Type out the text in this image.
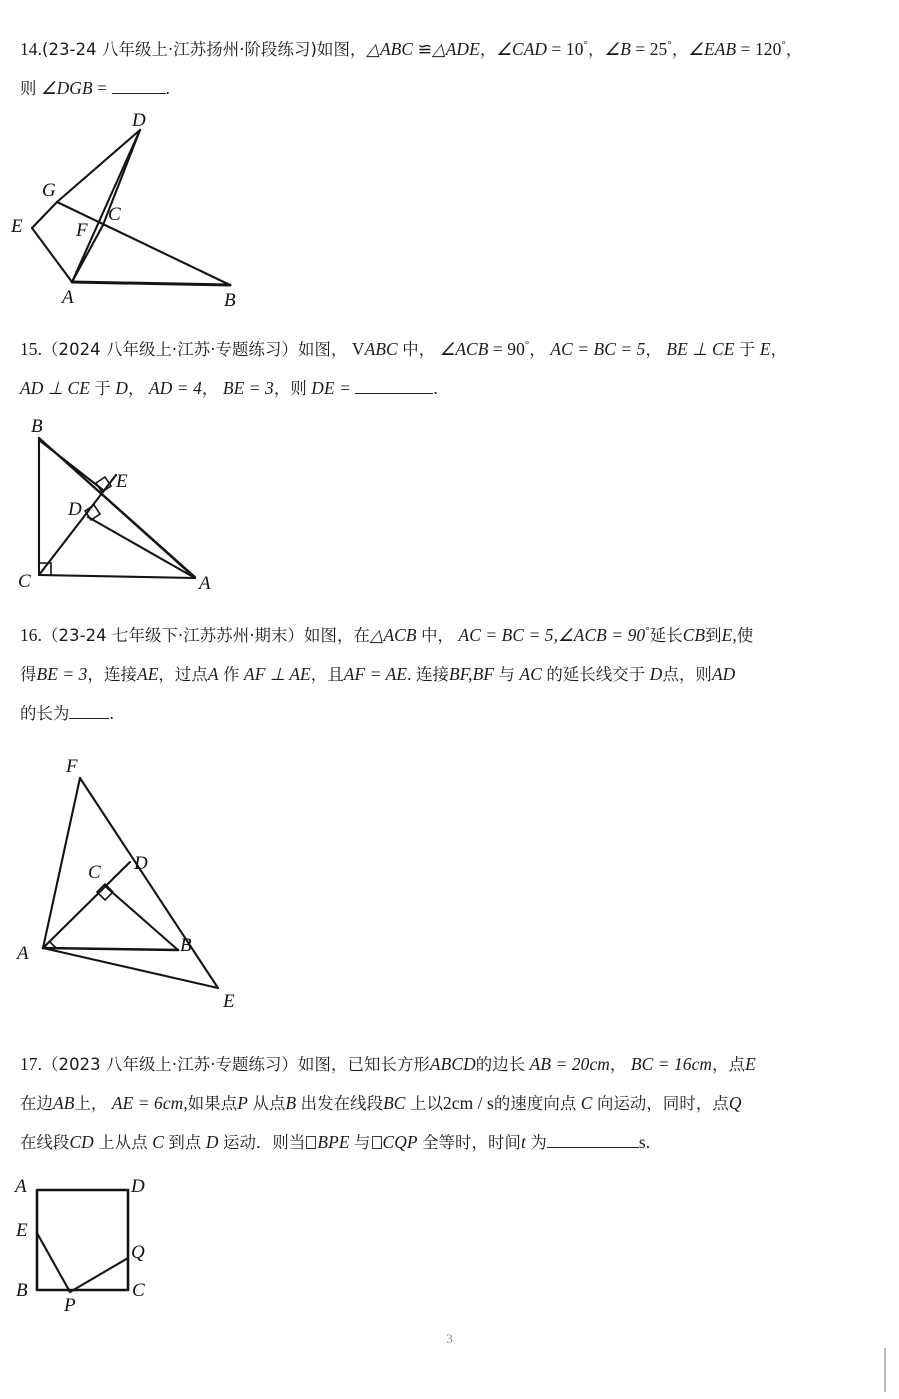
14.(23-24 八年级上·江苏扬州·阶段练习)如图，△ABC ≌△ADE，∠CAD = 10°，∠B = 25°，∠EAB = 120°，
则 ∠DGB =	.
D
G
E
C
F
A	B
15.（2024 八年级上·江苏·专题练习）如图， VABC 中， ∠ACB = 90°， AC = BC = 5， BE ⊥ CE 于 E，
AD ⊥ CE 于 D， AD = 4， BE = 3，则 DE =	.
B
E
D
C	A
16.（23-24 七年级下·江苏苏州·期末）如图，在△ACB 中， AC = BC = 5,∠ACB = 90°延长CB到E,使
得BE = 3，连接AE，过点A 作 AF ⊥ AE，且AF = AE. 连接BF,BF 与 AC 的延长线交于 D点，则AD
的长为 .
F
C D
A	B
E
17.（2023 八年级上·江苏·专题练习）如图，已知长方形ABCD的边长 AB = 20cm， BC = 16cm，点E
在边AB上， AE = 6cm,如果点P 从点B 出发在线段BC 上以2cm / s的速度向点 C 向运动，同时，点Q
在线段CD 上从点 C 到点 D 运动．则当 BPE 与 CQP 全等时，时间t 为	s.
A	D
E
Q
B
P
C
3
